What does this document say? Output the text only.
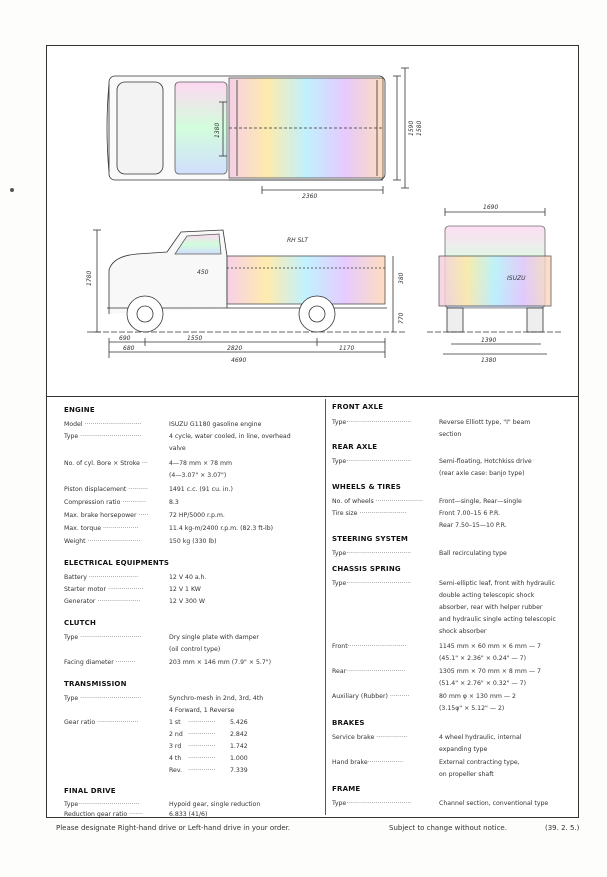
2360
1590 1580
1380
1780
690	1550
2820	1170
4690
680
380
770
RH SLT
450
1690
1390
1380
ISUZU
ENGINE
Model ·····························	ISUZU G1180 gasoline engine
Type ·······························	4 cycle, water cooled, in line, overhead
valve
No. of cyl. Bore × Stroke ···	4—78 mm × 78 mm
(4—3.07" × 3.07")
Piston displacement ··········	1491 c.c. (91 cu. in.)
Compression ratio ············	8.3
Max. brake horsepower ·····	72 HP/5000 r.p.m.
Max. torque ··················	11.4 kg-m/2400 r.p.m. (82.3 ft-lb)
Weight ···························	150 kg (330 lb)
ELECTRICAL EQUIPMENTS
Battery ·························	12 V 40 a.h.
Starter motor ··················	12 V 1 KW
Generator ······················	12 V 300 W
CLUTCH
Type ·······························	Dry single plate with damper
(oil control type)
Facing diameter ··········	203 mm × 146 mm (7.9" × 5.7")
TRANSMISSION
Type ·······························	Synchro-mesh in 2nd, 3rd, 4th
4 Forward, 1 Reverse
Gear ratio ·····················	1 st ·············· 5.426
2 nd ·············· 2.842
3 rd ·············· 1.742
4 th ·············· 1.000
Rev. ·············· 7.339
FINAL DRIVE
Type·······························	Hypoid gear, single reduction
Reduction gear ratio ·······	6.833 (41/6)
FRONT AXLE
Type·································	Reverse Elliott type, "I" beam
section
REAR AXLE
Type·································	Semi-floating, Hotchkiss drive
(rear axle case: banjo type)
WHEELS & TIRES
No. of wheels ························	Front—single, Rear—single
Tire size ························	Front 7.00–15 6 P.R.
Rear 7.50–15—10 P.R.
STEERING SYSTEM
Type·································	Ball recirculating type
CHASSIS SPRING
Type·································	Semi-elliptic leaf, front with hydraulic
double acting telescopic shock
absorber, rear with helper rubber
and hydraulic single acting telescopic
shock absorber
Front······························	1145 mm × 60 mm × 6 mm — 7
(45.1" × 2.36" × 0.24" — 7)
Rear······························	1305 mm × 70 mm × 8 mm — 7
(51.4" × 2.76" × 0.32" — 7)
Auxiliary (Rubber) ··········	80 mm φ × 130 mm — 2
(3.15φ" × 5.12" — 2)
BRAKES
Service brake ················	4 wheel hydraulic, internal
expanding type
Hand brake··················	External contracting type,
on propeller shaft
FRAME
Type·································	Channel section, conventional type
Please designate Right-hand drive or Left-hand drive in your order.	Subject to change without notice.	(39. 2. 5.)
